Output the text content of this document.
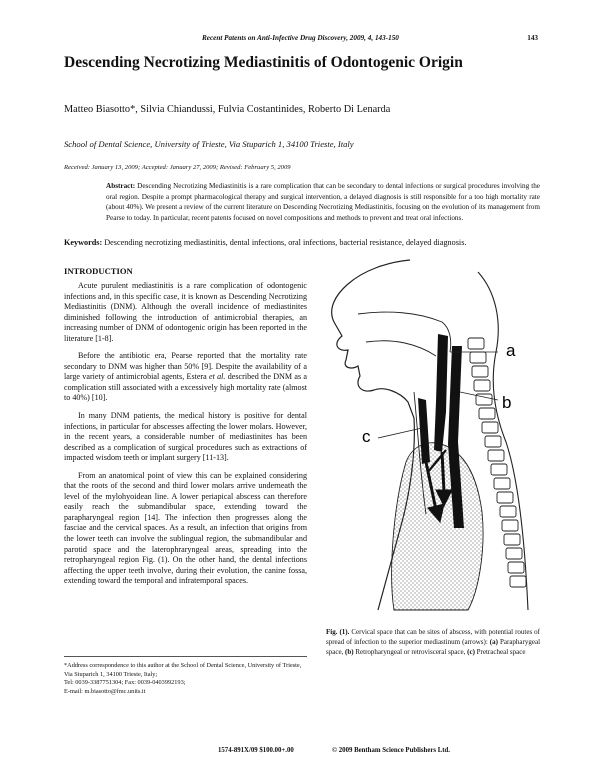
Recent Patents on Anti-Infective Drug Discovery, 2009, 4, 143-150	143
Descending Necrotizing Mediastinitis of Odontogenic Origin
Matteo Biasotto*, Silvia Chiandussi, Fulvia Costantinides, Roberto Di Lenarda
School of Dental Science, University of Trieste, Via Stuparich 1, 34100 Trieste, Italy
Received: January 13, 2009; Accepted: January 27, 2009; Revised: February 5, 2009
Abstract: Descending Necrotizing Mediastinitis is a rare complication that can be secondary to dental infections or surgical procedures involving the oral region. Despite a prompt pharmacological therapy and surgical intervention, a delayed diagnosis is still responsible for a too high mortality rate (about 40%). We present a review of the current literature on Descending Necrotizing Mediastinitis, focusing on the evolution of its management from Pearse to today. In particular, recent patents focused on novel compositions and methods to prevent and treat oral infections.
Keywords: Descending necrotizing mediastinitis, dental infections, oral infections, bacterial resistance, delayed diagnosis.
INTRODUCTION

Acute purulent mediastinitis is a rare complication of odontogenic infections and, in this specific case, it is known as Descending Necrotizing Mediastinitis (DNM). Although the overall incidence of mediastinites diminished following the introduction of antimicrobial therapies, an increasing number of DNM of odontogenic origin has been reported in the literature [1-8].

Before the antibiotic era, Pearse reported that the mortality rate secondary to DNM was higher than 50% [9]. Despite the availability of a large variety of antimicrobial agents, Estera et al. described the DNM as a complication still associated with a excessively high mortality rate (almost to 40%) [10].

In many DNM patients, the medical history is positive for dental infections, in particular for abscesses affecting the lower molars. However, in the recent years, a considerable number of mediastinites has been described as a complication of surgical procedures such as extractions of impacted wisdom teeth or implant surgery [11-13].

From an anatomical point of view this can be explained considering that the roots of the second and third lower molars arrive underneath the level of the mylohyoidean line. A lower periapical abscess can therefore easily reach the submandibular space, extending toward the parapharyngeal region [14]. The infection then progresses along the fasciae and the cervical spaces. As a result, an infection that origins from the lower teeth can involve the sublingual region, the submandibular and parotid space and the laterophraryngeal areas, spreading into the retropharyngeal region Fig. (1). On the other hand, the dental infections affecting the upper teeth involve, during their evolution, the canine fossa, extending toward the temporal and infratemporal spaces.

*Address correspondence to this author at the School of Dental Science, University of Trieste, Via Stuparich 1, 34100 Trieste, Italy;
Tel: 0039-3387751304; Fax: 0039-0403992193;
E-mail: m.biasotto@fmc.units.it
a
b
c
Fig. (1). Cervical space that can be sites of abscess, with potential routes of spread of infection to the superior mediastinum (arrows): (a) Parapharygeal space, (b) Retropharyngeal or retrovisceral space, (c) Pretracheal space
1574-891X/09 $100.00+.00	© 2009 Bentham Science Publishers Ltd.
